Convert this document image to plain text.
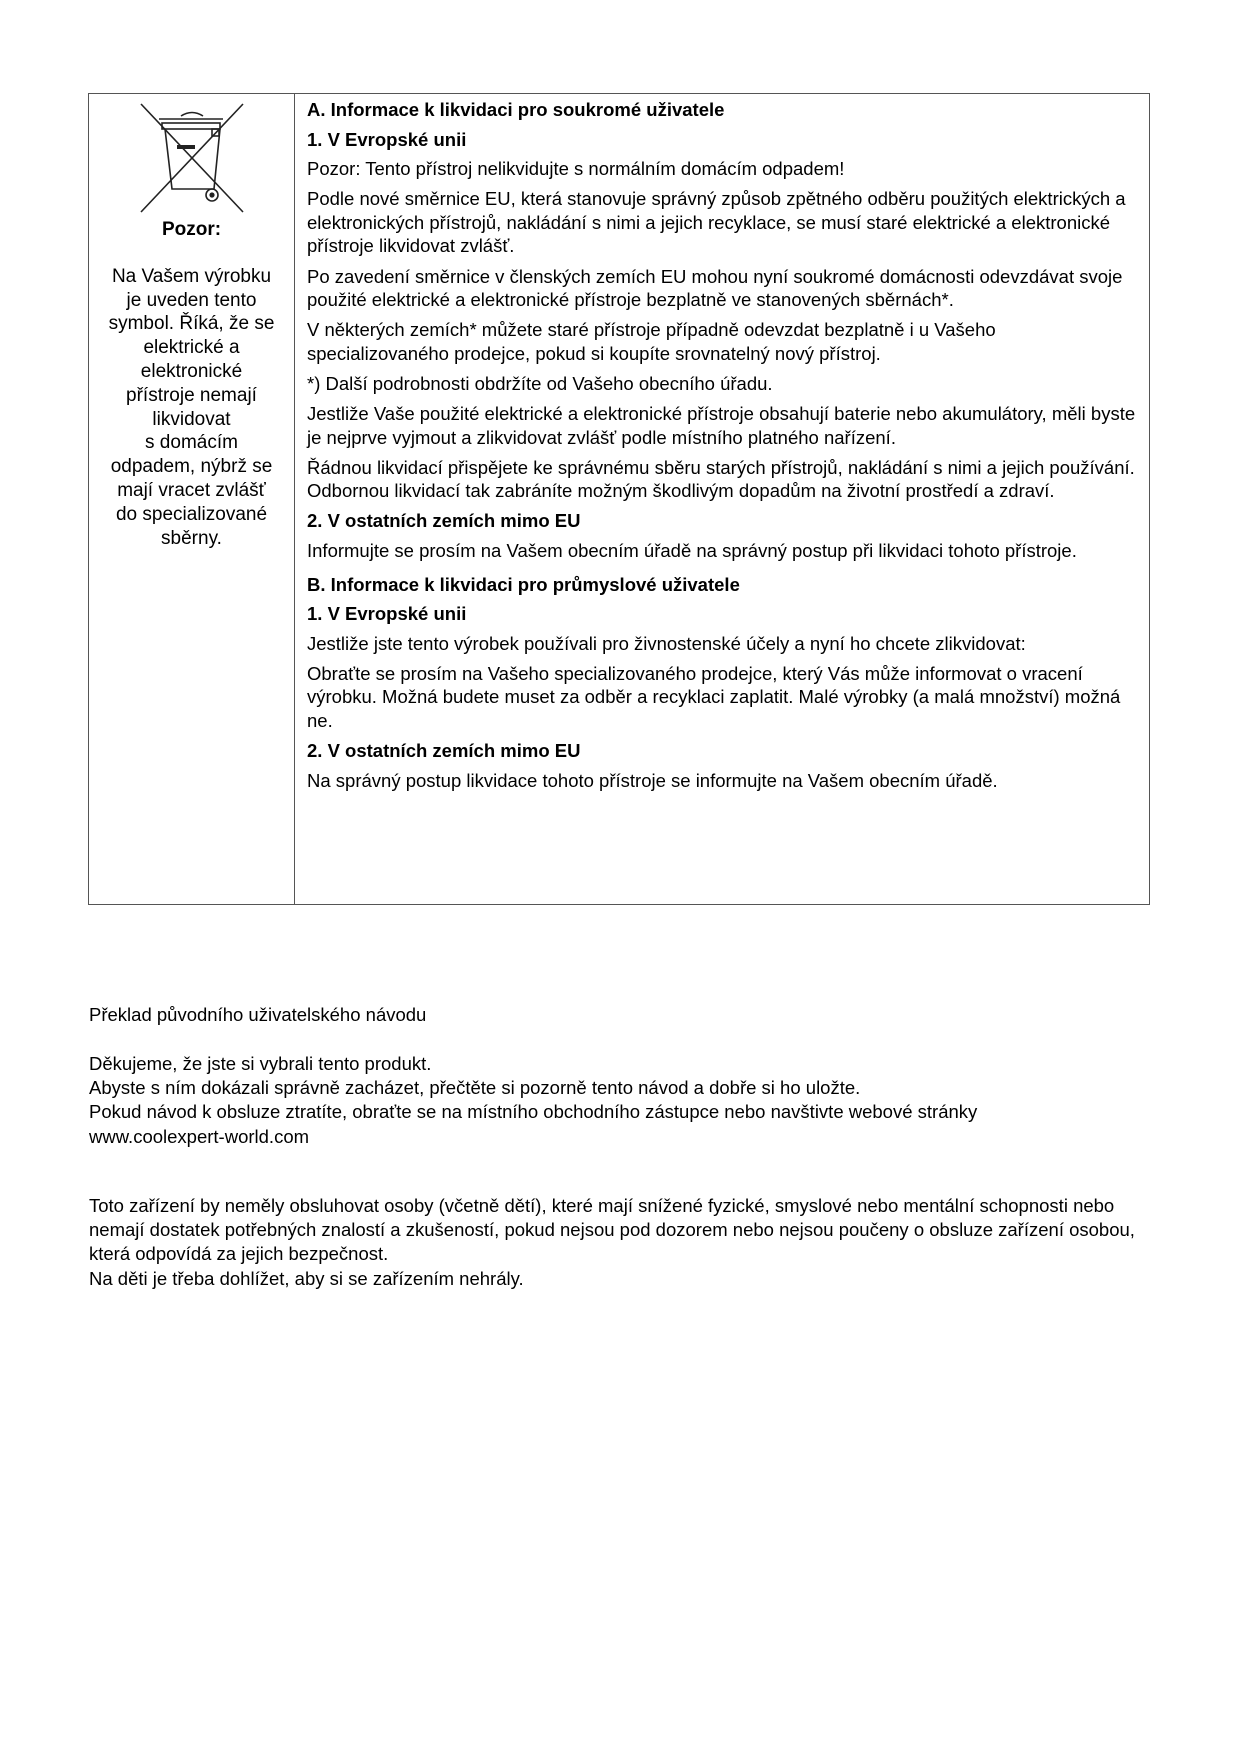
Pozor:
Na Vašem výrobku
je uveden tento
symbol. Říká, že se
elektrické a
elektronické
přístroje nemají
likvidovat
s domácím
odpadem, nýbrž se
mají vracet zvlášť
do specializované
sběrny.

A. Informace k likvidaci pro soukromé uživatele

1. V Evropské unii

Pozor: Tento přístroj nelikvidujte s normálním domácím odpadem!

Podle nové směrnice EU, která stanovuje správný způsob zpětného odběru použitých elektrických a elektronických přístrojů, nakládání s nimi a jejich recyklace, se musí staré elektrické a elektronické přístroje likvidovat zvlášť.

Po zavedení směrnice v členských zemích EU mohou nyní soukromé domácnosti odevzdávat svoje použité elektrické a elektronické přístroje bezplatně ve stanovených sběrnách*.

V některých zemích* můžete staré přístroje případně odevzdat bezplatně i u Vašeho specializovaného prodejce, pokud si koupíte srovnatelný nový přístroj.

*) Další podrobnosti obdržíte od Vašeho obecního úřadu.

Jestliže Vaše použité elektrické a elektronické přístroje obsahují baterie nebo akumulátory, měli byste je nejprve vyjmout a zlikvidovat zvlášť podle místního platného nařízení.

Řádnou likvidací přispějete ke správnému sběru starých přístrojů, nakládání s nimi a jejich používání. Odbornou likvidací tak zabráníte možným škodlivým dopadům na životní prostředí a zdraví.

2. V ostatních zemích mimo EU

Informujte se prosím na Vašem obecním úřadě na správný postup při likvidaci tohoto přístroje.

B. Informace k likvidaci pro průmyslové uživatele

1. V Evropské unii

Jestliže jste tento výrobek používali pro živnostenské účely a nyní ho chcete zlikvidovat:

Obraťte se prosím na Vašeho specializovaného prodejce, který Vás může informovat o vracení výrobku. Možná budete muset za odběr a recyklaci zaplatit. Malé výrobky (a malá množství) možná ne.

2. V ostatních zemích mimo EU

Na správný postup likvidace tohoto přístroje se informujte na Vašem obecním úřadě.

Překlad původního uživatelského návodu

Děkujeme, že jste si vybrali tento produkt.

Abyste s ním dokázali správně zacházet, přečtěte si pozorně tento návod a dobře si ho uložte.

Pokud návod k obsluze ztratíte, obraťte se na místního obchodního zástupce nebo navštivte webové stránky

www.coolexpert-world.com

Toto zařízení by neměly obsluhovat osoby (včetně dětí), které mají snížené fyzické, smyslové nebo mentální schopnosti nebo nemají dostatek potřebných znalostí a zkušeností, pokud nejsou pod dozorem nebo nejsou poučeny o obsluze zařízení osobou, která odpovídá za jejich bezpečnost.

Na děti je třeba dohlížet, aby si se zařízením nehrály.
